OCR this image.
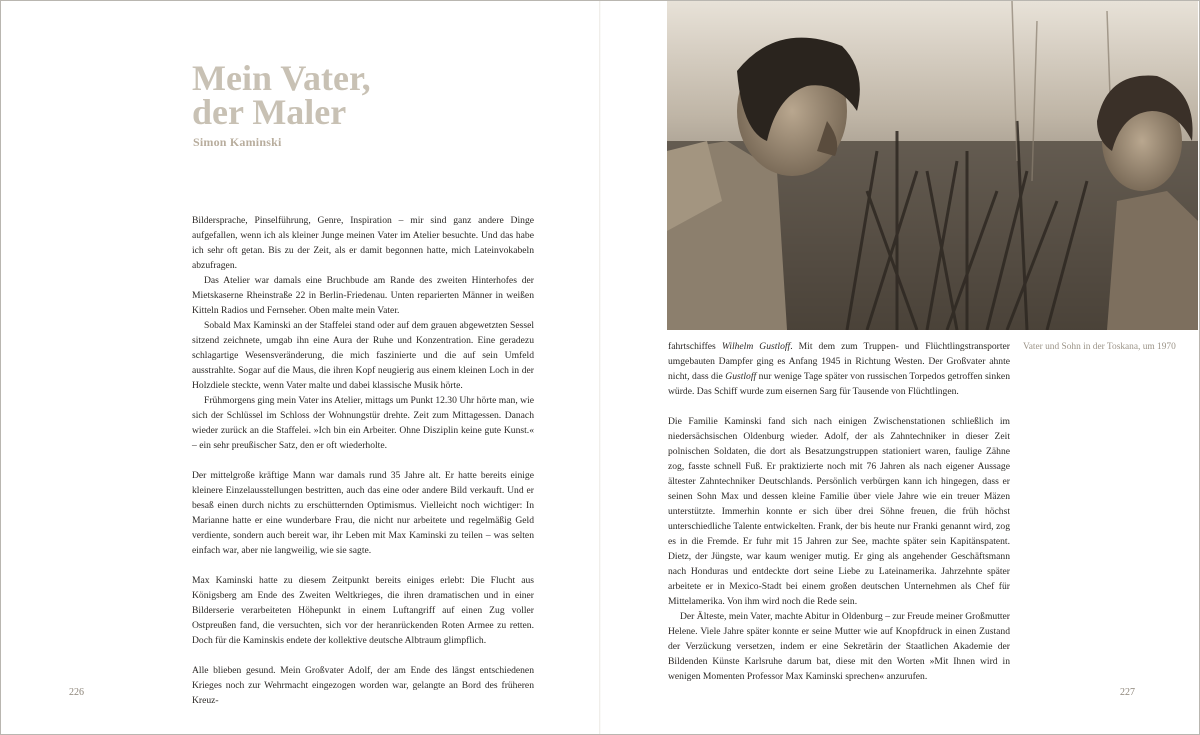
Mein Vater,
der Maler

Simon Kaminski

Bildersprache, Pinselführung, Genre, Inspiration – mir sind ganz andere Dinge aufgefallen, wenn ich als kleiner Junge meinen Vater im Atelier besuchte. Und das habe ich sehr oft getan. Bis zu der Zeit, als er damit begonnen hatte, mich Lateinvokabeln abzufragen.

Das Atelier war damals eine Bruchbude am Rande des zweiten Hinterhofes der Mietskaserne Rheinstraße 22 in Berlin-Friedenau. Unten reparierten Männer in weißen Kitteln Radios und Fernseher. Oben malte mein Vater.

Sobald Max Kaminski an der Staffelei stand oder auf dem grauen abgewetzten Sessel sitzend zeichnete, umgab ihn eine Aura der Ruhe und Konzentration. Eine geradezu schlagartige Wesensveränderung, die mich faszinierte und die auf sein Umfeld ausstrahlte. Sogar auf die Maus, die ihren Kopf neugierig aus einem kleinen Loch in der Holzdiele steckte, wenn Vater malte und dabei klassische Musik hörte.

Frühmorgens ging mein Vater ins Atelier, mittags um Punkt 12.30 Uhr hörte man, wie sich der Schlüssel im Schloss der Wohnungstür drehte. Zeit zum Mittagessen. Danach wieder zurück an die Staffelei. »Ich bin ein Arbeiter. Ohne Disziplin keine gute Kunst.« – ein sehr preußischer Satz, den er oft wiederholte.

Der mittelgroße kräftige Mann war damals rund 35 Jahre alt. Er hatte bereits einige kleinere Einzelausstellungen bestritten, auch das eine oder andere Bild verkauft. Und er besaß einen durch nichts zu erschütternden Optimismus. Vielleicht noch wichtiger: In Marianne hatte er eine wunderbare Frau, die nicht nur arbeitete und regelmäßig Geld verdiente, sondern auch bereit war, ihr Leben mit Max Kaminski zu teilen – was selten einfach war, aber nie langweilig, wie sie sagte.

Max Kaminski hatte zu diesem Zeitpunkt bereits einiges erlebt: Die Flucht aus Königsberg am Ende des Zweiten Weltkrieges, die ihren dramatischen und in einer Bilderserie verarbeiteten Höhepunkt in einem Luftangriff auf einen Zug voller Ostpreußen fand, die versuchten, sich vor der heranrückenden Roten Armee zu retten. Doch für die Kaminskis endete der kollektive deutsche Albtraum glimpflich.

Alle blieben gesund. Mein Großvater Adolf, der am Ende des längst entschiedenen Krieges noch zur Wehrmacht eingezogen worden war, gelangte an Bord des früheren Kreuz-

226

fahrtschiffes Wilhelm Gustloff. Mit dem zum Truppen- und Flüchtlingstransporter umgebauten Dampfer ging es Anfang 1945 in Richtung Westen. Der Großvater ahnte nicht, dass die Gustloff nur wenige Tage später von russischen Torpedos getroffen sinken würde. Das Schiff wurde zum eisernen Sarg für Tausende von Flüchtlingen.

Die Familie Kaminski fand sich nach einigen Zwischenstationen schließlich im niedersächsischen Oldenburg wieder. Adolf, der als Zahntechniker in dieser Zeit polnischen Soldaten, die dort als Besatzungstruppen stationiert waren, faulige Zähne zog, fasste schnell Fuß. Er praktizierte noch mit 76 Jahren als nach eigener Aussage ältester Zahntechniker Deutschlands. Persönlich verbürgen kann ich hingegen, dass er seinen Sohn Max und dessen kleine Familie über viele Jahre wie ein treuer Mäzen unterstützte. Immerhin konnte er sich über drei Söhne freuen, die früh höchst unterschiedliche Talente entwickelten. Frank, der bis heute nur Franki genannt wird, zog es in die Fremde. Er fuhr mit 15 Jahren zur See, machte später sein Kapitänspatent. Dietz, der Jüngste, war kaum weniger mutig. Er ging als angehender Geschäftsmann nach Honduras und entdeckte dort seine Liebe zu Lateinamerika. Jahrzehnte später arbeitete er in Mexico-Stadt bei einem großen deutschen Unternehmen als Chef für Mittelamerika. Von ihm wird noch die Rede sein.

Der Älteste, mein Vater, machte Abitur in Oldenburg – zur Freude meiner Großmutter Helene. Viele Jahre später konnte er seine Mutter wie auf Knopfdruck in einen Zustand der Verzückung versetzen, indem er eine Sekretärin der Staatlichen Akademie der Bildenden Künste Karlsruhe darum bat, diese mit den Worten »Mit Ihnen wird in wenigen Momenten Professor Max Kaminski sprechen« anzurufen.

Vater und Sohn in der Toskana, um 1970

227
